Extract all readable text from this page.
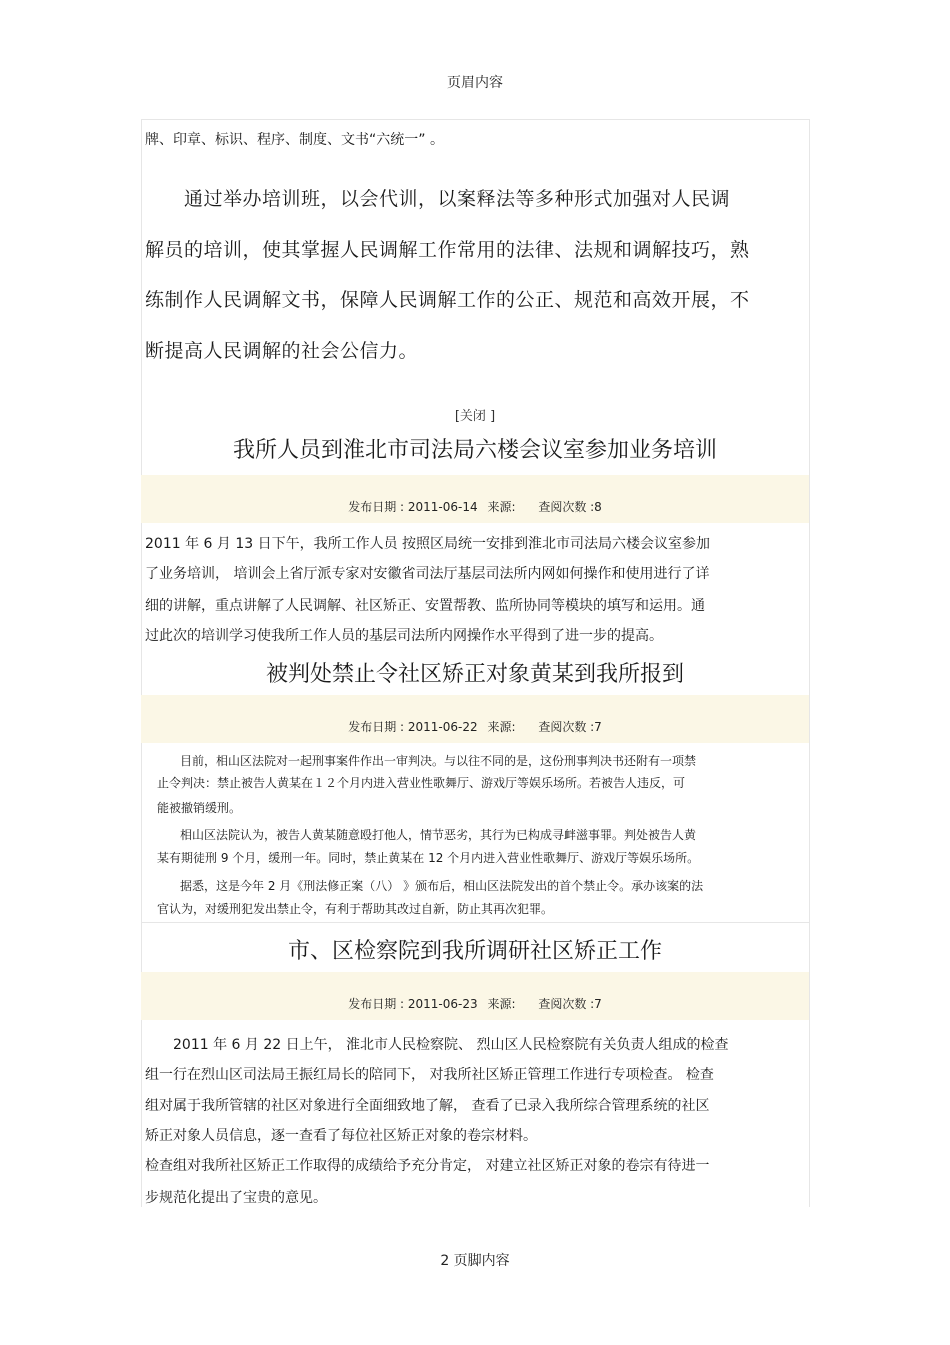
页眉内容
牌、印章、标识、程序、制度、文书“六统一” 。
　　通过举办培训班，以会代训，以案释法等多种形式加强对人民调
解员的培训，使其掌握人民调解工作常用的法律、法规和调解技巧，熟
练制作人民调解文书，保障人民调解工作的公正、规范和高效开展，不
断提高人民调解的社会公信力。
[关闭 ]
我所人员到淮北市司法局六楼会议室参加业务培训
发布日期 : 2011-06-14 来源: 查阅次数 :8
2011 年 6 月 13 日下午，我所工作人员 按照区局统一安排到淮北市司法局六楼会议室参加
了业务培训， 培训会上省厅派专家对安徽省司法厅基层司法所内网如何操作和使用进行了详
细的讲解，重点讲解了人民调解、社区矫正、安置帮教、监所协同等模块的填写和运用。通
过此次的培训学习使我所工作人员的基层司法所内网操作水平得到了进一步的提高。
被判处禁止令社区矫正对象黄某到我所报到
发布日期 : 2011-06-22 来源: 查阅次数 :7
目前，相山区法院对一起刑事案件作出一审判决。与以往不同的是，这份刑事判决书还附有一项禁
止令判决：禁止被告人黄某在１２个月内进入营业性歌舞厅、游戏厅等娱乐场所。若被告人违反，可
能被撤销缓刑。
相山区法院认为，被告人黄某随意殴打他人，情节恶劣，其行为已构成寻衅滋事罪。判处被告人黄
某有期徒刑 9 个月，缓刑一年。同时，禁止黄某在 12 个月内进入营业性歌舞厅、游戏厅等娱乐场所。
据悉，这是今年 2 月《刑法修正案（八） 》颁布后，相山区法院发出的首个禁止令。承办该案的法
官认为，对缓刑犯发出禁止令，有利于帮助其改过自新，防止其再次犯罪。
市、区检察院到我所调研社区矫正工作
发布日期 : 2011-06-23 来源: 查阅次数 :7
　　2011 年 6 月 22 日上午， 淮北市人民检察院、 烈山区人民检察院有关负责人组成的检查
组一行在烈山区司法局王振红局长的陪同下， 对我所社区矫正管理工作进行专项检查。 检查
组对属于我所管辖的社区对象进行全面细致地了解， 查看了已录入我所综合管理系统的社区
矫正对象人员信息，逐一查看了每位社区矫正对象的卷宗材料。
检查组对我所社区矫正工作取得的成绩给予充分肯定， 对建立社区矫正对象的卷宗有待进一
步规范化提出了宝贵的意见。
2 页脚内容
